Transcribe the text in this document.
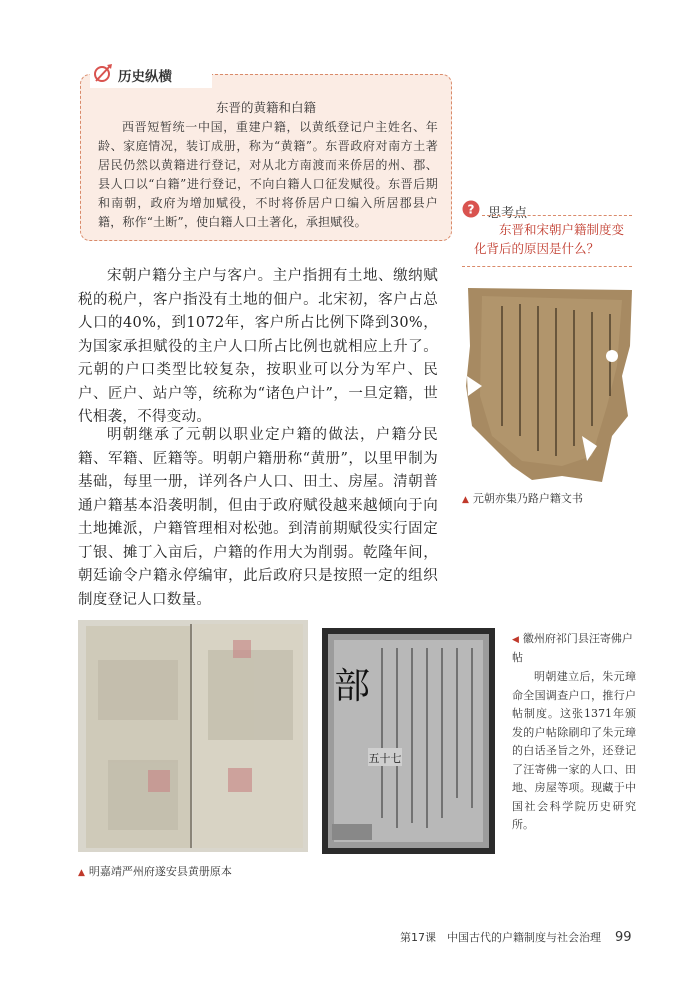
历史纵横
东晋的黄籍和白籍
西晋短暂统一中国，重建户籍，以黄纸登记户主姓名、年龄、家庭情况，装订成册，称为“黄籍”。东晋政府对南方土著居民仍然以黄籍进行登记，对从北方南渡而来侨居的州、郡、县人口以“白籍”进行登记，不向白籍人口征发赋役。东晋后期和南朝，政府为增加赋役，不时将侨居户口编入所居郡县户籍，称作“土断”，使白籍人口土著化，承担赋役。
? 思考点
东晋和宋朝户籍制度变化背后的原因是什么？
宋朝户籍分主户与客户。主户指拥有土地、缴纳赋税的税户，客户指没有土地的佃户。北宋初，客户占总人口的40%，到1072年，客户所占比例下降到30%，为国家承担赋役的主户人口所占比例也就相应上升了。元朝的户口类型比较复杂，按职业可以分为军户、民户、匠户、站户等，统称为“诸色户计”，一旦定籍，世代相袭，不得变动。
明朝继承了元朝以职业定户籍的做法，户籍分民籍、军籍、匠籍等。明朝户籍册称“黄册”，以里甲制为基础，每里一册，详列各户人口、田土、房屋。清朝普通户籍基本沿袭明制，但由于政府赋役越来越倾向于向土地摊派，户籍管理相对松弛。到清前期赋役实行固定丁银、摊丁入亩后，户籍的作用大为削弱。乾隆年间，朝廷谕令户籍永停编审，此后政府只是按照一定的组织制度登记人口数量。
▲ 元朝亦集乃路户籍文书
▲ 明嘉靖严州府遂安县黄册原本
部
五十七
◀ 徽州府祁门县汪寄佛户帖
明朝建立后，朱元璋命全国调查户口，推行户帖制度。这张1371年颁发的户帖除刷印了朱元璋的白话圣旨之外，还登记了汪寄佛一家的人口、田地、房屋等项。现藏于中国社会科学院历史研究所。
第17课　中国古代的户籍制度与社会治理 99
